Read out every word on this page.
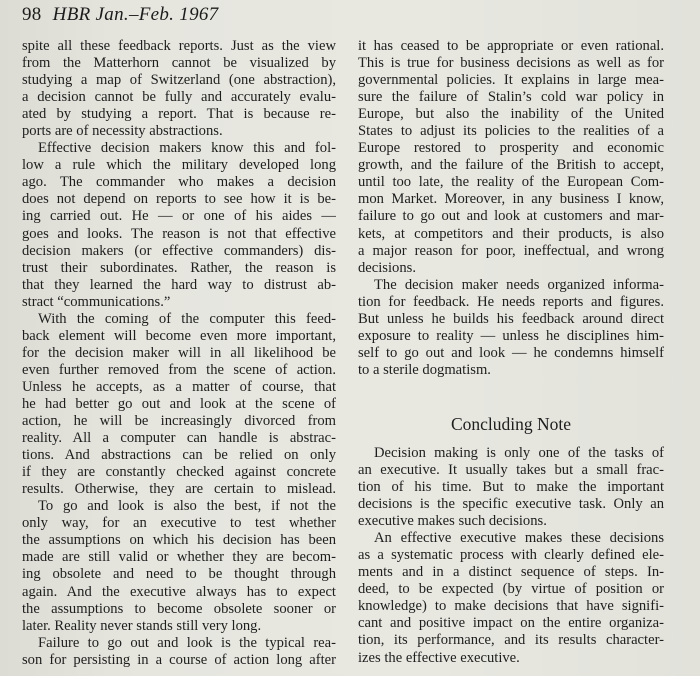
98 HBR Jan.–Feb. 1967
spite all these feedback reports. Just as the view
from the Matterhorn cannot be visualized by
studying a map of Switzerland (one abstraction),
a decision cannot be fully and accurately evalu-
ated by studying a report. That is because re-
ports are of necessity abstractions.
Effective decision makers know this and fol-
low a rule which the military developed long
ago. The commander who makes a decision
does not depend on reports to see how it is be-
ing carried out. He — or one of his aides —
goes and looks. The reason is not that effective
decision makers (or effective commanders) dis-
trust their subordinates. Rather, the reason is
that they learned the hard way to distrust ab-
stract “communications.”
With the coming of the computer this feed-
back element will become even more important,
for the decision maker will in all likelihood be
even further removed from the scene of action.
Unless he accepts, as a matter of course, that
he had better go out and look at the scene of
action, he will be increasingly divorced from
reality. All a computer can handle is abstrac-
tions. And abstractions can be relied on only
if they are constantly checked against concrete
results. Otherwise, they are certain to mislead.
To go and look is also the best, if not the
only way, for an executive to test whether
the assumptions on which his decision has been
made are still valid or whether they are becom-
ing obsolete and need to be thought through
again. And the executive always has to expect
the assumptions to become obsolete sooner or
later. Reality never stands still very long.
Failure to go out and look is the typical rea-
son for persisting in a course of action long after
it has ceased to be appropriate or even rational.
This is true for business decisions as well as for
governmental policies. It explains in large mea-
sure the failure of Stalin’s cold war policy in
Europe, but also the inability of the United
States to adjust its policies to the realities of a
Europe restored to prosperity and economic
growth, and the failure of the British to accept,
until too late, the reality of the European Com-
mon Market. Moreover, in any business I know,
failure to go out and look at customers and mar-
kets, at competitors and their products, is also
a major reason for poor, ineffectual, and wrong
decisions.
The decision maker needs organized informa-
tion for feedback. He needs reports and figures.
But unless he builds his feedback around direct
exposure to reality — unless he disciplines him-
self to go out and look — he condemns himself
to a sterile dogmatism.
Concluding Note
Decision making is only one of the tasks of
an executive. It usually takes but a small frac-
tion of his time. But to make the important
decisions is the specific executive task. Only an
executive makes such decisions.
An effective executive makes these decisions
as a systematic process with clearly defined ele-
ments and in a distinct sequence of steps. In-
deed, to be expected (by virtue of position or
knowledge) to make decisions that have signifi-
cant and positive impact on the entire organiza-
tion, its performance, and its results character-
izes the effective executive.
